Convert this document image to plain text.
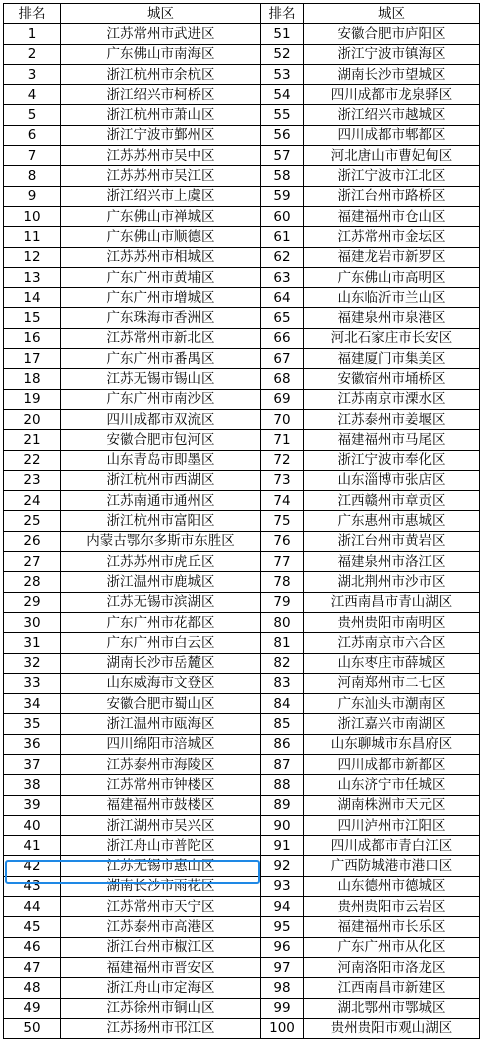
排名	城区	排名	城区
1	江苏常州市武进区	51	安徽合肥市庐阳区
2	广东佛山市南海区	52	浙江宁波市镇海区
3	浙江杭州市余杭区	53	湖南长沙市望城区
4	浙江绍兴市柯桥区	54	四川成都市龙泉驿区
5	浙江杭州市萧山区	55	浙江绍兴市越城区
6	浙江宁波市鄞州区	56	四川成都市郫都区
7	江苏苏州市吴中区	57	河北唐山市曹妃甸区
8	江苏苏州市吴江区	58	浙江宁波市江北区
9	浙江绍兴市上虞区	59	浙江台州市路桥区
10	广东佛山市禅城区	60	福建福州市仓山区
11	广东佛山市顺德区	61	江苏常州市金坛区
12	江苏苏州市相城区	62	福建龙岩市新罗区
13	广东广州市黄埔区	63	广东佛山市高明区
14	广东广州市增城区	64	山东临沂市兰山区
15	广东珠海市香洲区	65	福建泉州市泉港区
16	江苏常州市新北区	66	河北石家庄市长安区
17	广东广州市番禺区	67	福建厦门市集美区
18	江苏无锡市锡山区	68	安徽宿州市埇桥区
19	广东广州市南沙区	69	江苏南京市溧水区
20	四川成都市双流区	70	江苏泰州市姜堰区
21	安徽合肥市包河区	71	福建福州市马尾区
22	山东青岛市即墨区	72	浙江宁波市奉化区
23	浙江杭州市西湖区	73	山东淄博市张店区
24	江苏南通市通州区	74	江西赣州市章贡区
25	浙江杭州市富阳区	75	广东惠州市惠城区
26	内蒙古鄂尔多斯市东胜区	76	浙江台州市黄岩区
27	江苏苏州市虎丘区	77	福建泉州市洛江区
28	浙江温州市鹿城区	78	湖北荆州市沙市区
29	江苏无锡市滨湖区	79	江西南昌市青山湖区
30	广东广州市花都区	80	贵州贵阳市南明区
31	广东广州市白云区	81	江苏南京市六合区
32	湖南长沙市岳麓区	82	山东枣庄市薛城区
33	山东威海市文登区	83	河南郑州市二七区
34	安徽合肥市蜀山区	84	广东汕头市潮南区
35	浙江温州市瓯海区	85	浙江嘉兴市南湖区
36	四川绵阳市涪城区	86	山东聊城市东昌府区
37	江苏泰州市海陵区	87	四川成都市新都区
38	江苏常州市钟楼区	88	山东济宁市任城区
39	福建福州市鼓楼区	89	湖南株洲市天元区
40	浙江湖州市吴兴区	90	四川泸州市江阳区
41	浙江舟山市普陀区	91	四川成都市青白江区
42	江苏无锡市惠山区	92	广西防城港市港口区
43	湖南长沙市雨花区	93	山东德州市德城区
44	江苏常州市天宁区	94	贵州贵阳市云岩区
45	江苏泰州市高港区	95	福建福州市长乐区
46	浙江台州市椒江区	96	广东广州市从化区
47	福建福州市晋安区	97	河南洛阳市洛龙区
48	浙江舟山市定海区	98	江西南昌市新建区
49	江苏徐州市铜山区	99	湖北鄂州市鄂城区
50	江苏扬州市邗江区	100	贵州贵阳市观山湖区
